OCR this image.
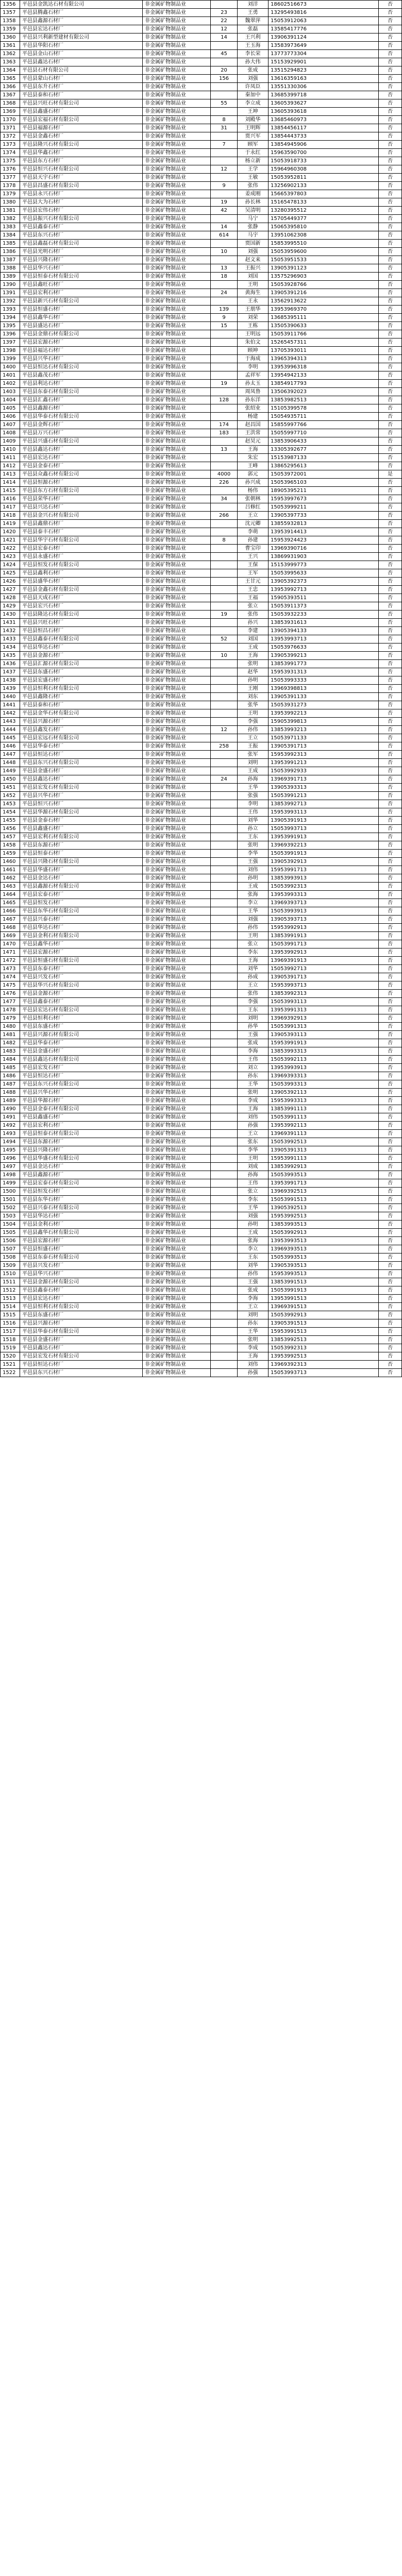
1356	平邑县金凯达石材有限公司	非金属矿物制品业		刘洋	18602516673	否
1357	平邑县腾鑫石材厂	非金属矿物制品业	23	王勇	13295493816	否
1358	平邑县鑫源石材厂	非金属矿物制品业	22	魏翠萍	15053912063	否
1359	平邑县宏达石材厂	非金属矿物制品业	12	张磊	13585417776	否
1360	平邑县兴利新型建材有限公司	非金属矿物制品业	14	王兴利	13906391124	否
1361	平邑县华阳石材厂	非金属矿物制品业		王玉海	13583973649	否
1362	平邑县金山石材厂	非金属矿物制品业	45	李长荣	13773773304	否
1363	平邑县鑫达石材厂	非金属矿物制品业		孙大伟	15153929901	否
1364	平邑县石材有限公司	非金属矿物制品业	20	张成	13515294823	否
1365	平邑县蒙山石材厂	非金属矿物制品业	156	刘强	13616359163	否
1366	平邑县东升石材厂	非金属矿物制品业		许凤臣	13551330306	否
1367	平邑县泰和石材厂	非金属矿物制品业		秦加中	13685399718	否
1368	平邑县兴旺石材有限公司	非金属矿物制品业	55	李立成	13605393627	否
1369	平邑县鑫盛石材厂	非金属矿物制品业		王坤	13605393618	否
1370	平邑县宏福石材有限公司	非金属矿物制品业	8	刘殿华	13685460973	否
1371	平邑县福源石材厂	非金属矿物制品业	31	王明辉	13854456117	否
1372	平邑县金鑫石材厂	非金属矿物制品业		贾兴军	13854443733	否
1373	平邑县隆兴石材有限公司	非金属矿物制品业	7	顾军	13854945906	否
1374	平邑县华鑫石材厂	非金属矿物制品业		于永红	15963590700	否
1375	平邑县东方石材厂	非金属矿物制品业		杨立新	15053918733	否
1376	平邑县恒兴石材有限公司	非金属矿物制品业	12	王学	15964960308	否
1377	平邑县天宇石材厂	非金属矿物制品业		王敏	15053952811	否
1378	平邑县昌盛石材有限公司	非金属矿物制品业	9	张伟	13256902133	否
1379	平邑县永兴石材厂	非金属矿物制品业		姜成刚	15665397803	否
1380	平邑县大为石材厂	非金属矿物制品业	19	孙长林	15165478133	否
1381	平邑县宏伟石材厂	非金属矿物制品业	42	吴清明	13280395512	否
1382	平邑县振兴石材有限公司	非金属矿物制品业		马宁	15705449377	否
1383	平邑县鑫泰石材厂	非金属矿物制品业	14	张静	15065395810	否
1384	平邑县东兴石材厂	非金属矿物制品业	614	马宇	13951062308	否
1385	平邑县鑫磊石材有限公司	非金属矿物制品业		贾国新	15853995510	否
1386	平邑县光明石材厂	非金属矿物制品业	10	刘强	15053959600	否
1387	平邑县兴隆石材厂	非金属矿物制品业		赵文来	15053951533	否
1388	平邑县华兴石材厂	非金属矿物制品业	13	王振兴	13905391123	否
1389	平邑县恒泰石材有限公司	非金属矿物制品业	18	刘国	13575296903	否
1390	平邑县鑫旺石材厂	非金属矿物制品业		王明	15053928766	否
1391	平邑县宏利石材厂	非金属矿物制品业	24	黄海生	13905391216	否
1392	平邑县新兴石材有限公司	非金属矿物制品业		王永	13562913622	否
1393	平邑县恒盛石材厂	非金属矿物制品业	139	王朋华	13953969370	否
1394	平邑县鑫华石材厂	非金属矿物制品业	9	刘荣	13685395111	否
1395	平邑县盛达石材厂	非金属矿物制品业	15	王栋	13505390633	否
1396	平邑县金鼎石材有限公司	非金属矿物制品业		王明远	15053911766	否
1397	平邑县宏源石材厂	非金属矿物制品业		朱伯文	15265457311	否
1398	平邑县福达石材厂	非金属矿物制品业		顾坤	13705393011	否
1399	平邑县兴华石材厂	非金属矿物制品业		于海成	13965394313	否
1400	平邑县恒达石材有限公司	非金属矿物制品业		李明	13953996318	否
1401	平邑县鑫茂石材厂	非金属矿物制品业		孟祥军	13954942133	否
1402	平邑县利达石材厂	非金属矿物制品业	19	孙太玉	13854917793	否
1403	平邑县东泰石材有限公司	非金属矿物制品业		周凤鲁	13506392023	否
1404	平邑县汇鑫石材厂	非金属矿物制品业	128	孙东洋	13853982513	否
1405	平邑县鑫源石材厂	非金属矿物制品业		张绍业	15105399578	否
1406	平邑县华泰石材有限公司	非金属矿物制品业		杨建	15054935711	否
1407	平邑县金辉石材厂	非金属矿物制品业	174	赵昌国	15855997766	否
1408	平邑县万兴石材厂	非金属矿物制品业	183	王洪常	15055997710	否
1409	平邑县兴盛石材有限公司	非金属矿物制品业		赵昊元	13853906433	否
1410	平邑县鑫达石材厂	非金属矿物制品业	13	王海	13305392677	否
1411	平邑县宏达石材厂	非金属矿物制品业		朱宏	15153987133	否
1412	平邑县金泰石材厂	非金属矿物制品业		王峰	13865295613	否
1413	平邑县众鑫石材有限公司	非金属矿物制品业	4000	郭元	15053972001	是
1414	平邑县恒源石材厂	非金属矿物制品业	226	孙兴成	15053965103	否
1415	平邑县东方石材有限公司	非金属矿物制品业		杨伟	18905395211	否
1416	平邑县荣华石材厂	非金属矿物制品业	34	张朝林	15953997673	否
1417	平邑县兴达石材厂	非金属矿物制品业		吕修红	15053999211	否
1418	平邑县金兴石材有限公司	非金属矿物制品业	266	王立	13905397733	否
1419	平邑县鑫鼎石材厂	非金属矿物制品业		沈元卿	13855932813	否
1420	平邑县泰丰石材厂	非金属矿物制品业		李萌	13953914413	否
1421	平邑县华宇石材有限公司	非金属矿物制品业	8	孙建	15953924423	否
1422	平邑县宏泰石材厂	非金属矿物制品业		曹宝印	13969390716	否
1423	平邑县永盛石材厂	非金属矿物制品业		王兴	13869931903	否
1424	平邑县恒发石材有限公司	非金属矿物制品业		王保	15153999773	否
1425	平邑县鑫利石材厂	非金属矿物制品业		王军	15053995633	否
1426	平邑县盛华石材厂	非金属矿物制品业		王甘元	13905392373	否
1427	平邑县金鑫石材有限公司	非金属矿物制品业		王忠	13953992713	否
1428	平邑县天成石材厂	非金属矿物制品业		王福	15905393511	否
1429	平邑县宏兴石材厂	非金属矿物制品业		张立	15053911373	否
1430	平邑县隆达石材有限公司	非金属矿物制品业	19	张伟	15053932233	否
1431	平邑县兴旺石材厂	非金属矿物制品业		孙兴	13853931613	否
1432	平邑县恒昌石材厂	非金属矿物制品业		李建	13905394133	否
1433	平邑县鑫泰石材有限公司	非金属矿物制品业	52	刘国	13953993713	否
1434	平邑县华达石材厂	非金属矿物制品业		王成	15053976633	否
1435	平邑县金源石材厂	非金属矿物制品业	10	王海	13905399213	否
1436	平邑县汇源石材有限公司	非金属矿物制品业		张明	13853991773	否
1437	平邑县东盛石材厂	非金属矿物制品业		赵华	15953931313	否
1438	平邑县宏盛石材厂	非金属矿物制品业		孙明	15053993333	否
1439	平邑县恒利石材有限公司	非金属矿物制品业		王刚	13969398813	否
1440	平邑县鑫隆石材厂	非金属矿物制品业		刘东	13905391133	否
1441	平邑县泰和石材厂	非金属矿物制品业		张华	15053931273	否
1442	平邑县金华石材有限公司	非金属矿物制品业		王明	13953992213	否
1443	平邑县兴源石材厂	非金属矿物制品业		李强	15905399813	否
1444	平邑县鑫发石材厂	非金属矿物制品业	12	孙伟	13853993213	否
1445	平邑县宏远石材有限公司	非金属矿物制品业		王立	15053971133	否
1446	平邑县华泰石材厂	非金属矿物制品业	258	王振	13905391713	否
1447	平邑县恒达石材厂	非金属矿物制品业		张军	15953992313	否
1448	平邑县东兴石材有限公司	非金属矿物制品业		刘明	13953991213	否
1449	平邑县金盛石材厂	非金属矿物制品业		王成	15053992933	否
1450	平邑县鑫达石材厂	非金属矿物制品业	24	孙海	13969391713	否
1451	平邑县宏发石材有限公司	非金属矿物制品业		王华	13905393313	否
1452	平邑县兴华石材厂	非金属矿物制品业		张强	15053991213	否
1453	平邑县恒兴石材厂	非金属矿物制品业		李明	13853992713	否
1454	平邑县华源石材有限公司	非金属矿物制品业		王伟	15953993113	否
1455	平邑县金泰石材厂	非金属矿物制品业		刘华	13905391913	否
1456	平邑县鑫盛石材厂	非金属矿物制品业		孙立	15053993713	否
1457	平邑县宏利石材有限公司	非金属矿物制品业		王东	13953991913	否
1458	平邑县东源石材厂	非金属矿物制品业		张明	13969392213	否
1459	平邑县恒泰石材厂	非金属矿物制品业		李华	15053991913	否
1460	平邑县兴隆石材有限公司	非金属矿物制品业		王强	13905392913	否
1461	平邑县华盛石材厂	非金属矿物制品业		刘伟	15953991713	否
1462	平邑县金达石材厂	非金属矿物制品业		孙明	13853993913	否
1463	平邑县鑫源石材有限公司	非金属矿物制品业		王成	15053992313	否
1464	平邑县宏泰石材厂	非金属矿物制品业		张海	13953993313	否
1465	平邑县恒发石材厂	非金属矿物制品业		李立	13969393713	否
1466	平邑县东华石材有限公司	非金属矿物制品业		王华	15053993913	否
1467	平邑县兴泰石材厂	非金属矿物制品业		刘强	13905393713	否
1468	平邑县华达石材厂	非金属矿物制品业		孙伟	15953992913	否
1469	平邑县金利石材有限公司	非金属矿物制品业		王明	13853991913	否
1470	平邑县鑫华石材厂	非金属矿物制品业		张立	15053991713	否
1471	平邑县宏源石材厂	非金属矿物制品业		李东	13953992913	否
1472	平邑县恒盛石材有限公司	非金属矿物制品业		王海	13969391913	否
1473	平邑县东泰石材厂	非金属矿物制品业		刘华	15053992713	否
1474	平邑县兴发石材厂	非金属矿物制品业		孙成	13905391713	否
1475	平邑县华兴石材有限公司	非金属矿物制品业		王立	15953993713	否
1476	平邑县金源石材厂	非金属矿物制品业		张伟	13853992313	否
1477	平邑县鑫泰石材厂	非金属矿物制品业		李强	15053993113	否
1478	平邑县宏达石材有限公司	非金属矿物制品业		王东	13953991313	否
1479	平邑县恒利石材厂	非金属矿物制品业		刘明	13969392913	否
1480	平邑县东盛石材厂	非金属矿物制品业		孙华	15053991313	否
1481	平邑县兴源石材有限公司	非金属矿物制品业		王强	13905393113	否
1482	平邑县华泰石材厂	非金属矿物制品业		张成	15953991913	否
1483	平邑县金盛石材厂	非金属矿物制品业		李海	13853993313	否
1484	平邑县鑫达石材有限公司	非金属矿物制品业		王伟	15053992113	否
1485	平邑县宏发石材厂	非金属矿物制品业		刘立	13953993913	否
1486	平邑县恒达石材厂	非金属矿物制品业		孙东	13969393313	否
1487	平邑县东兴石材有限公司	非金属矿物制品业		王华	15053993313	否
1488	平邑县兴华石材厂	非金属矿物制品业		张明	13905392113	否
1489	平邑县华源石材厂	非金属矿物制品业		李成	15953993313	否
1490	平邑县金泰石材有限公司	非金属矿物制品业		王海	13853991113	否
1491	平邑县鑫盛石材厂	非金属矿物制品业		刘伟	15053991113	否
1492	平邑县宏利石材厂	非金属矿物制品业		孙强	13953992113	否
1493	平邑县恒泰石材有限公司	非金属矿物制品业		王立	13969391113	否
1494	平邑县东源石材厂	非金属矿物制品业		张东	15053992513	否
1495	平邑县兴隆石材厂	非金属矿物制品业		李华	13905391313	否
1496	平邑县华盛石材有限公司	非金属矿物制品业		王明	15953991113	否
1497	平邑县金达石材厂	非金属矿物制品业		刘成	13853992913	否
1498	平邑县鑫源石材厂	非金属矿物制品业		孙海	15053993513	否
1499	平邑县宏泰石材有限公司	非金属矿物制品业		王伟	13953991713	否
1500	平邑县恒发石材厂	非金属矿物制品业		张立	13969392513	否
1501	平邑县东华石材厂	非金属矿物制品业		李东	15053991513	否
1502	平邑县兴泰石材有限公司	非金属矿物制品业		王华	13905392513	否
1503	平邑县华达石材厂	非金属矿物制品业		刘强	15953992513	否
1504	平邑县金利石材厂	非金属矿物制品业		孙明	13853993513	否
1505	平邑县鑫华石材有限公司	非金属矿物制品业		王成	15053992913	否
1506	平邑县宏源石材厂	非金属矿物制品业		张海	13953993513	否
1507	平邑县恒盛石材厂	非金属矿物制品业		李立	13969393513	否
1508	平邑县东泰石材有限公司	非金属矿物制品业		王东	15053993513	否
1509	平邑县兴发石材厂	非金属矿物制品业		刘华	13905393513	否
1510	平邑县华兴石材厂	非金属矿物制品业		孙伟	15953993513	否
1511	平邑县金源石材有限公司	非金属矿物制品业		王强	13853991513	否
1512	平邑县鑫泰石材厂	非金属矿物制品业		张成	15053991913	否
1513	平邑县宏达石材厂	非金属矿物制品业		李海	13953991513	否
1514	平邑县恒利石材有限公司	非金属矿物制品业		王立	13969391513	否
1515	平邑县东盛石材厂	非金属矿物制品业		刘明	15053992913	否
1516	平邑县兴源石材厂	非金属矿物制品业		孙东	13905391513	否
1517	平邑县华泰石材有限公司	非金属矿物制品业		王华	15953991513	否
1518	平邑县金盛石材厂	非金属矿物制品业		张明	13853992513	否
1519	平邑县鑫达石材厂	非金属矿物制品业		李成	15053992313	否
1520	平邑县宏发石材有限公司	非金属矿物制品业		王海	13953992513	否
1521	平邑县恒达石材厂	非金属矿物制品业		刘伟	13969392313	否
1522	平邑县东兴石材厂	非金属矿物制品业		孙强	15053993713	否
